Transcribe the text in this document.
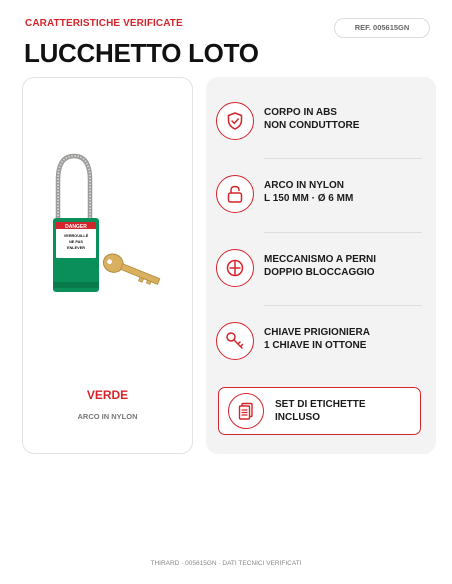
CARATTERISTICHE VERIFICATE	REF. 005615GN
LUCCHETTO LOTO
DANGER
VERROUILLÉ
NE PAS
ENLEVER
VERDE
ARCO IN NYLON
CORPO IN ABS
NON CONDUTTORE
ARCO IN NYLON
L 150 MM · Ø 6 MM
MECCANISMO A PERNI
DOPPIO BLOCCAGGIO
CHIAVE PRIGIONIERA
1 CHIAVE IN OTTONE
SET DI ETICHETTE
INCLUSO
THIRARD · 005615GN · DATI TECNICI VERIFICATI
